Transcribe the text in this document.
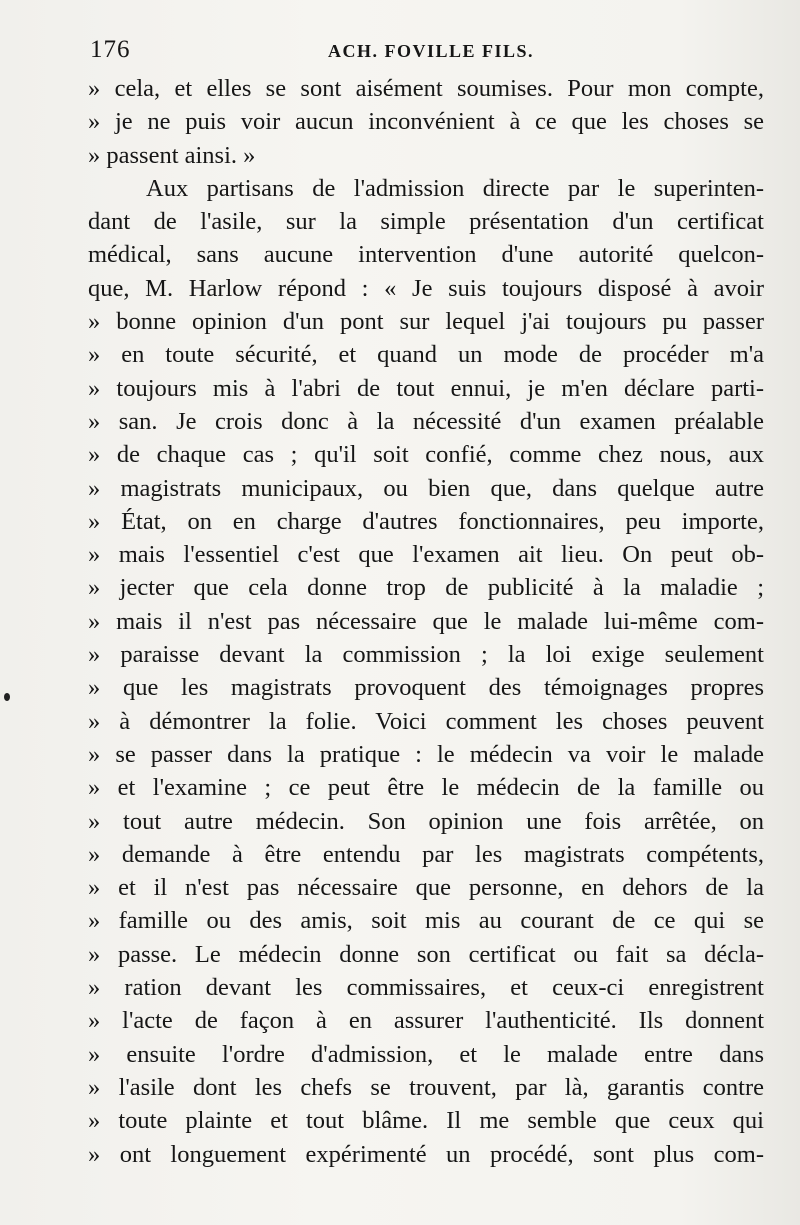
176	ACH. FOVILLE FILS.
» cela, et elles se sont aisément soumises. Pour mon compte,
» je ne puis voir aucun inconvénient à ce que les choses se
» passent ainsi. »
Aux partisans de l'admission directe par le superinten-
dant de l'asile, sur la simple présentation d'un certificat
médical, sans aucune intervention d'une autorité quelcon-
que, M. Harlow répond : « Je suis toujours disposé à avoir
» bonne opinion d'un pont sur lequel j'ai toujours pu passer
» en toute sécurité, et quand un mode de procéder m'a
» toujours mis à l'abri de tout ennui, je m'en déclare parti-
» san. Je crois donc à la nécessité d'un examen préalable
» de chaque cas ; qu'il soit confié, comme chez nous, aux
» magistrats municipaux, ou bien que, dans quelque autre
» État, on en charge d'autres fonctionnaires, peu importe,
» mais l'essentiel c'est que l'examen ait lieu. On peut ob-
» jecter que cela donne trop de publicité à la maladie ;
» mais il n'est pas nécessaire que le malade lui-même com-
» paraisse devant la commission ; la loi exige seulement
» que les magistrats provoquent des témoignages propres
» à démontrer la folie. Voici comment les choses peuvent
» se passer dans la pratique : le médecin va voir le malade
» et l'examine ; ce peut être le médecin de la famille ou
» tout autre médecin. Son opinion une fois arrêtée, on
» demande à être entendu par les magistrats compétents,
» et il n'est pas nécessaire que personne, en dehors de la
» famille ou des amis, soit mis au courant de ce qui se
» passe. Le médecin donne son certificat ou fait sa décla-
» ration devant les commissaires, et ceux-ci enregistrent
» l'acte de façon à en assurer l'authenticité. Ils donnent
» ensuite l'ordre d'admission, et le malade entre dans
» l'asile dont les chefs se trouvent, par là, garantis contre
» toute plainte et tout blâme. Il me semble que ceux qui
» ont longuement expérimenté un procédé, sont plus com-
